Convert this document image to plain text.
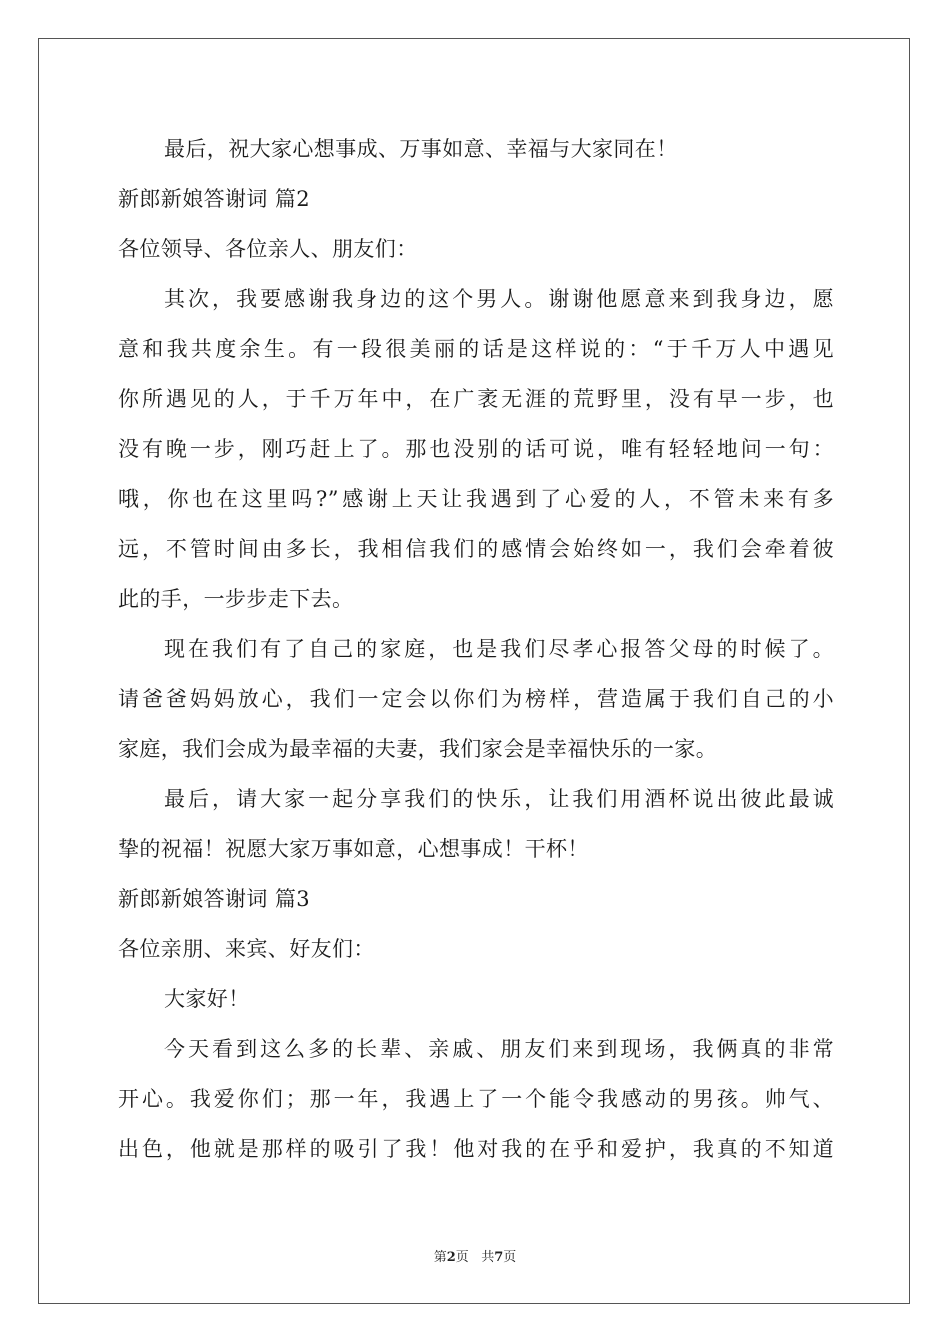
最后，祝大家心想事成、万事如意、幸福与大家同在！
新郎新娘答谢词 篇2
各位领导、各位亲人、朋友们：
其次，我要感谢我身边的这个男人。谢谢他愿意来到我身边，愿
意和我共度余生。有一段很美丽的话是这样说的：“于千万人中遇见
你所遇见的人，于千万年中，在广袤无涯的荒野里，没有早一步，也
没有晚一步，刚巧赶上了。那也没别的话可说，唯有轻轻地问一句：
哦，你也在这里吗?”感谢上天让我遇到了心爱的人，不管未来有多
远，不管时间由多长，我相信我们的感情会始终如一，我们会牵着彼
此的手，一步步走下去。
现在我们有了自己的家庭，也是我们尽孝心报答父母的时候了。
请爸爸妈妈放心，我们一定会以你们为榜样，营造属于我们自己的小
家庭，我们会成为最幸福的夫妻，我们家会是幸福快乐的一家。
最后，请大家一起分享我们的快乐，让我们用酒杯说出彼此最诚
挚的祝福！祝愿大家万事如意，心想事成！干杯！
新郎新娘答谢词 篇3
各位亲朋、来宾、好友们：
大家好！
今天看到这么多的长辈、亲戚、朋友们来到现场，我俩真的非常
开心。我爱你们；那一年，我遇上了一个能令我感动的男孩。帅气、
出色，他就是那样的吸引了我！他对我的在乎和爱护，我真的不知道
第2页   共7页
